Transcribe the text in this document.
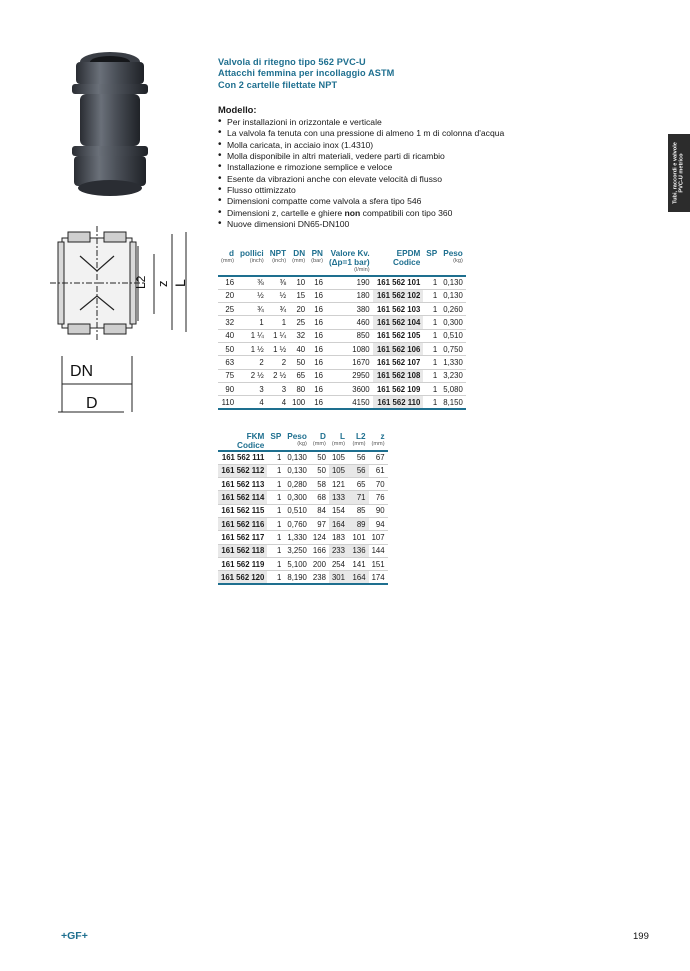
DN
D
L2 z L
Valvola di ritegno tipo 562 PVC-U
Attacchi femmina per incollaggio ASTM
Con 2 cartelle filettate NPT
Modello:
• Per installazioni in orizzontale e verticale
• La valvola fa tenuta con una pressione di almeno 1 m di colonna d'acqua
• Molla caricata, in acciaio inox (1.4310)
• Molla disponibile in altri materiali, vedere parti di ricambio
• Installazione e rimozione semplice e veloce
• Esente da vibrazioni anche con elevate velocità di flusso
• Flusso ottimizzato
• Dimensioni compatte come valvola a sfera tipo 546
• Dimensioni z, cartelle e ghiere non compatibili con tipo 360
• Nuove dimensioni DN65-DN100
Tubi, raccordi e valvole PVC-U metrico
d	pollici	NPT	DN	PN	Valore Kv.	EPDM	SP	Peso
(mm)	(inch)	(inch)	(mm)	(bar)	(Δp=1 bar)	Codice		(kg)
					(l/min)			
16	⅜	⅜	10	16	190	161 562 101	1	0,130
20	½	½	15	16	180	161 562 102	1	0,130
25	¾	¾	20	16	380	161 562 103	1	0,260
32	1	1	25	16	460	161 562 104	1	0,300
40	1 ¼	1 ¼	32	16	850	161 562 105	1	0,510
50	1 ½	1 ½	40	16	1080	161 562 106	1	0,750
63	2	2	50	16	1670	161 562 107	1	1,330
75	2 ½	2 ½	65	16	2950	161 562 108	1	3,230
90	3	3	80	16	3600	161 562 109	1	5,080
110	4	4	100	16	4150	161 562 110	1	8,150
FKM	SP	Peso	D	L	L2	z
Codice		(kg)	(mm)	(mm)	(mm)	(mm)
161 562 111	1	0,130	50	105	56	67
161 562 112	1	0,130	50	105	56	61
161 562 113	1	0,280	58	121	65	70
161 562 114	1	0,300	68	133	71	76
161 562 115	1	0,510	84	154	85	90
161 562 116	1	0,760	97	164	89	94
161 562 117	1	1,330	124	183	101	107
161 562 118	1	3,250	166	233	136	144
161 562 119	1	5,100	200	254	141	151
161 562 120	1	8,190	238	301	164	174
+GF+	199
